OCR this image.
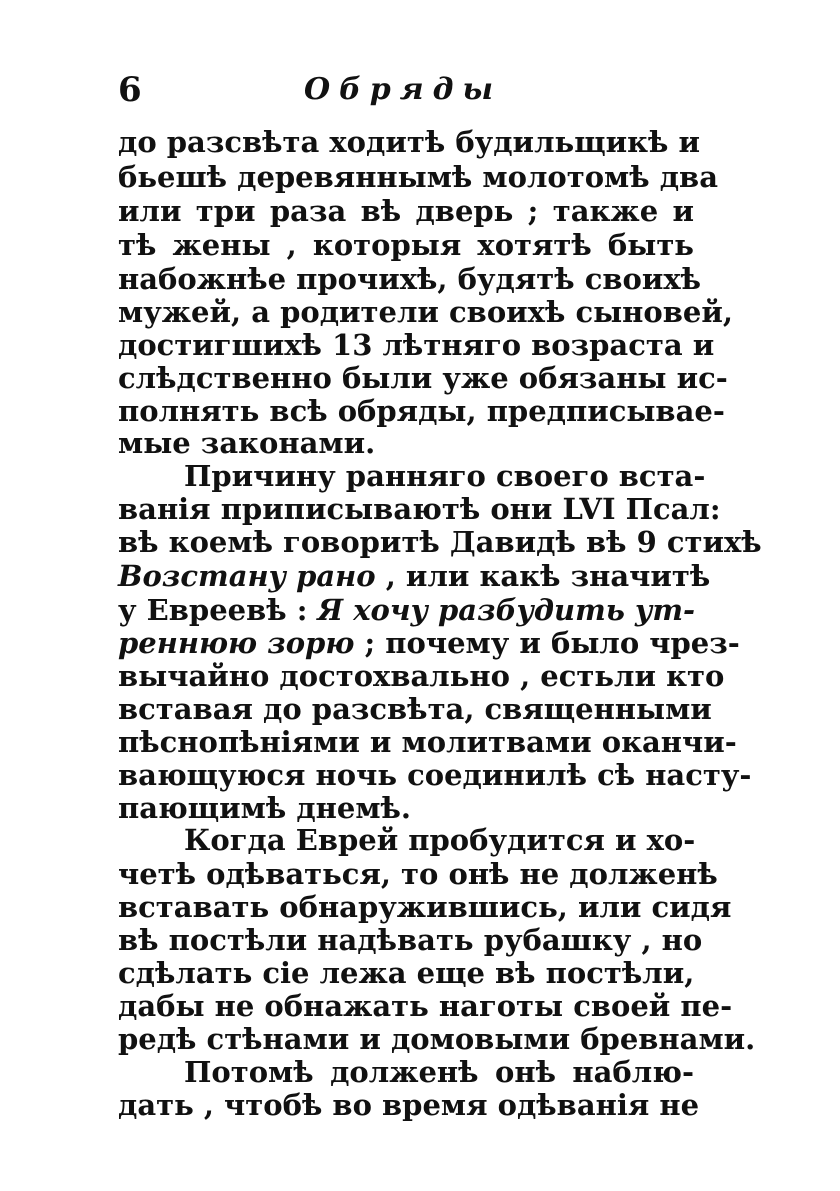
6	Обряды
до разсвѣта ходитѣ будильщикѣ и
бьешѣ деревяннымѣ молотомѣ два
или три раза вѣ дверь ; также и
тѣ жены , которыя хотятѣ быть
набожнѣе прочихѣ, будятѣ своихѣ
мужей, а родители своихѣ сыновей,
достигшихѣ 13 лѣтняго возраста и
слѣдственно были уже обязаны ис-
полнять всѣ обряды, предписывае-
мые законами.
Причину ранняго своего вста-
ванія приписываютѣ они LVI Псал:
вѣ коемѣ говоритѣ Давидѣ вѣ 9 стихѣ
Возстану рано , или какѣ значитѣ
у Евреевѣ : Я хочу разбудить ут-
реннюю зорю ; почему и было чрез-
вычайно достохвально , естьли кто
вставая до разсвѣта, священными
пѣснопѣніями и молитвами оканчи-
вающуюся ночь соединилѣ сѣ насту-
пающимѣ днемѣ.
Когда Еврей пробудится и хо-
четѣ одѣваться, то онѣ не долженѣ
вставать обнаружившись, или сидя
вѣ постѣли надѣвать рубашку , но
сдѣлать сіе лежа еще вѣ постѣли,
дабы не обнажать наготы своей пе-
редѣ стѣнами и домовыми бревнами.
Потомѣ долженѣ онѣ наблю-
дать , чтобѣ во время одѣванія не
